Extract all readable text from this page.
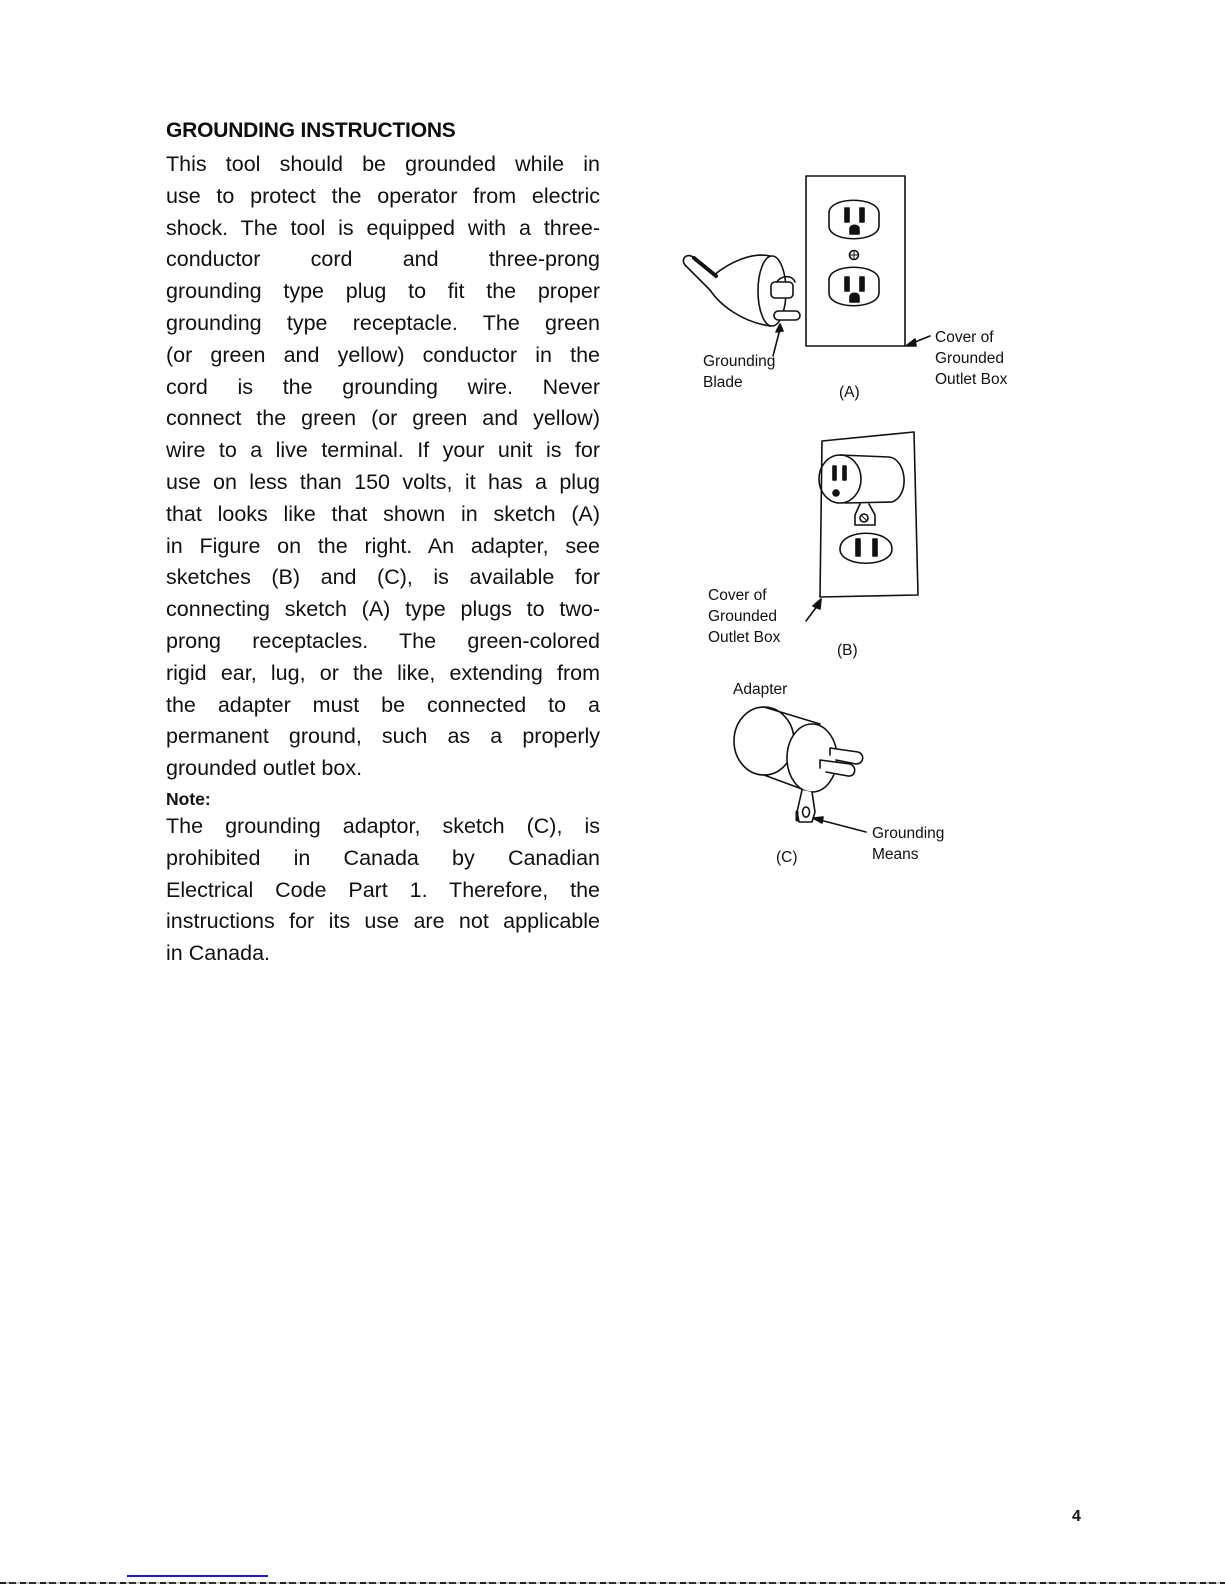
GROUNDING INSTRUCTIONS
This tool should be grounded while in
use to protect the operator from electric
shock. The tool is equipped with a three-
conductor cord and three-prong
grounding type plug to fit the proper
grounding type receptacle. The green
(or green and yellow) conductor in the
cord is the grounding wire. Never
connect the green (or green and yellow)
wire to a live terminal. If your unit is for
use on less than 150 volts, it has a plug
that looks like that shown in sketch (A)
in Figure on the right. An adapter, see
sketches (B) and (C), is available for
connecting sketch (A) type plugs to two-
prong receptacles. The green-colored
rigid ear, lug, or the like, extending from
the adapter must be connected to a
permanent ground, such as a properly
grounded outlet box.
Note:
The grounding adaptor, sketch (C), is
prohibited in Canada by Canadian
Electrical Code Part 1. Therefore, the
instructions for its use are not applicable
in Canada.
Grounding
Blade
(A)
Cover of
Grounded
Outlet Box
Cover of
Grounded
Outlet Box
(B)
Adapter
Grounding
Means
(C)
4
